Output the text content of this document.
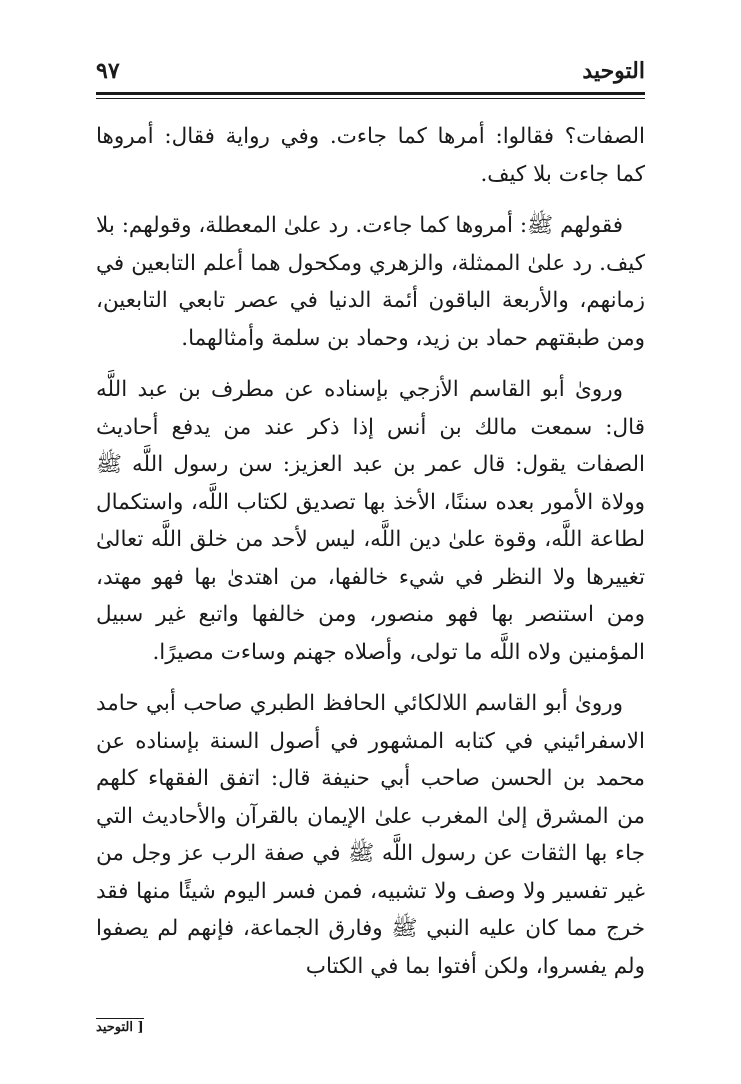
التوحيد
٩٧

الصفات؟ فقالوا: أمرها كما جاءت. وفي رواية فقال: أمروها كما جاءت بلا كيف.

فقولهم ﷺ: أمروها كما جاءت. رد علىٰ المعطلة، وقولهم: بلا كيف. رد علىٰ الممثلة، والزهري ومكحول هما أعلم التابعين في زمانهم، والأربعة الباقون أئمة الدنيا في عصر تابعي التابعين، ومن طبقتهم حماد بن زيد، وحماد بن سلمة وأمثالهما.

وروىٰ أبو القاسم الأزجي بإسناده عن مطرف بن عبد اللَّه قال: سمعت مالك بن أنس إذا ذكر عند من يدفع أحاديث الصفات يقول: قال عمر بن عبد العزيز: سن رسول اللَّه ﷺ وولاة الأمور بعده سننًا، الأخذ بها تصديق لكتاب اللَّه، واستكمال لطاعة اللَّه، وقوة علىٰ دين اللَّه، ليس لأحد من خلق اللَّه تعالىٰ تغييرها ولا النظر في شيء خالفها، من اهتدىٰ بها فهو مهتد، ومن استنصر بها فهو منصور، ومن خالفها واتبع غير سبيل المؤمنين ولاه اللَّه ما تولى، وأصلاه جهنم وساءت مصيرًا.

وروىٰ أبو القاسم اللالكائي الحافظ الطبري صاحب أبي حامد الاسفرائيني في كتابه المشهور في أصول السنة بإسناده عن محمد بن الحسن صاحب أبي حنيفة قال: اتفق الفقهاء كلهم من المشرق إلىٰ المغرب علىٰ الإيمان بالقرآن والأحاديث التي جاء بها الثقات عن رسول اللَّه ﷺ في صفة الرب عز وجل من غير تفسير ولا وصف ولا تشبيه، فمن فسر اليوم شيئًا منها فقد خرج مما كان عليه النبي ﷺ وفارق الجماعة، فإنهم لم يصفوا ولم يفسروا، ولكن أفتوا بما في الكتاب

[ التوحيد
